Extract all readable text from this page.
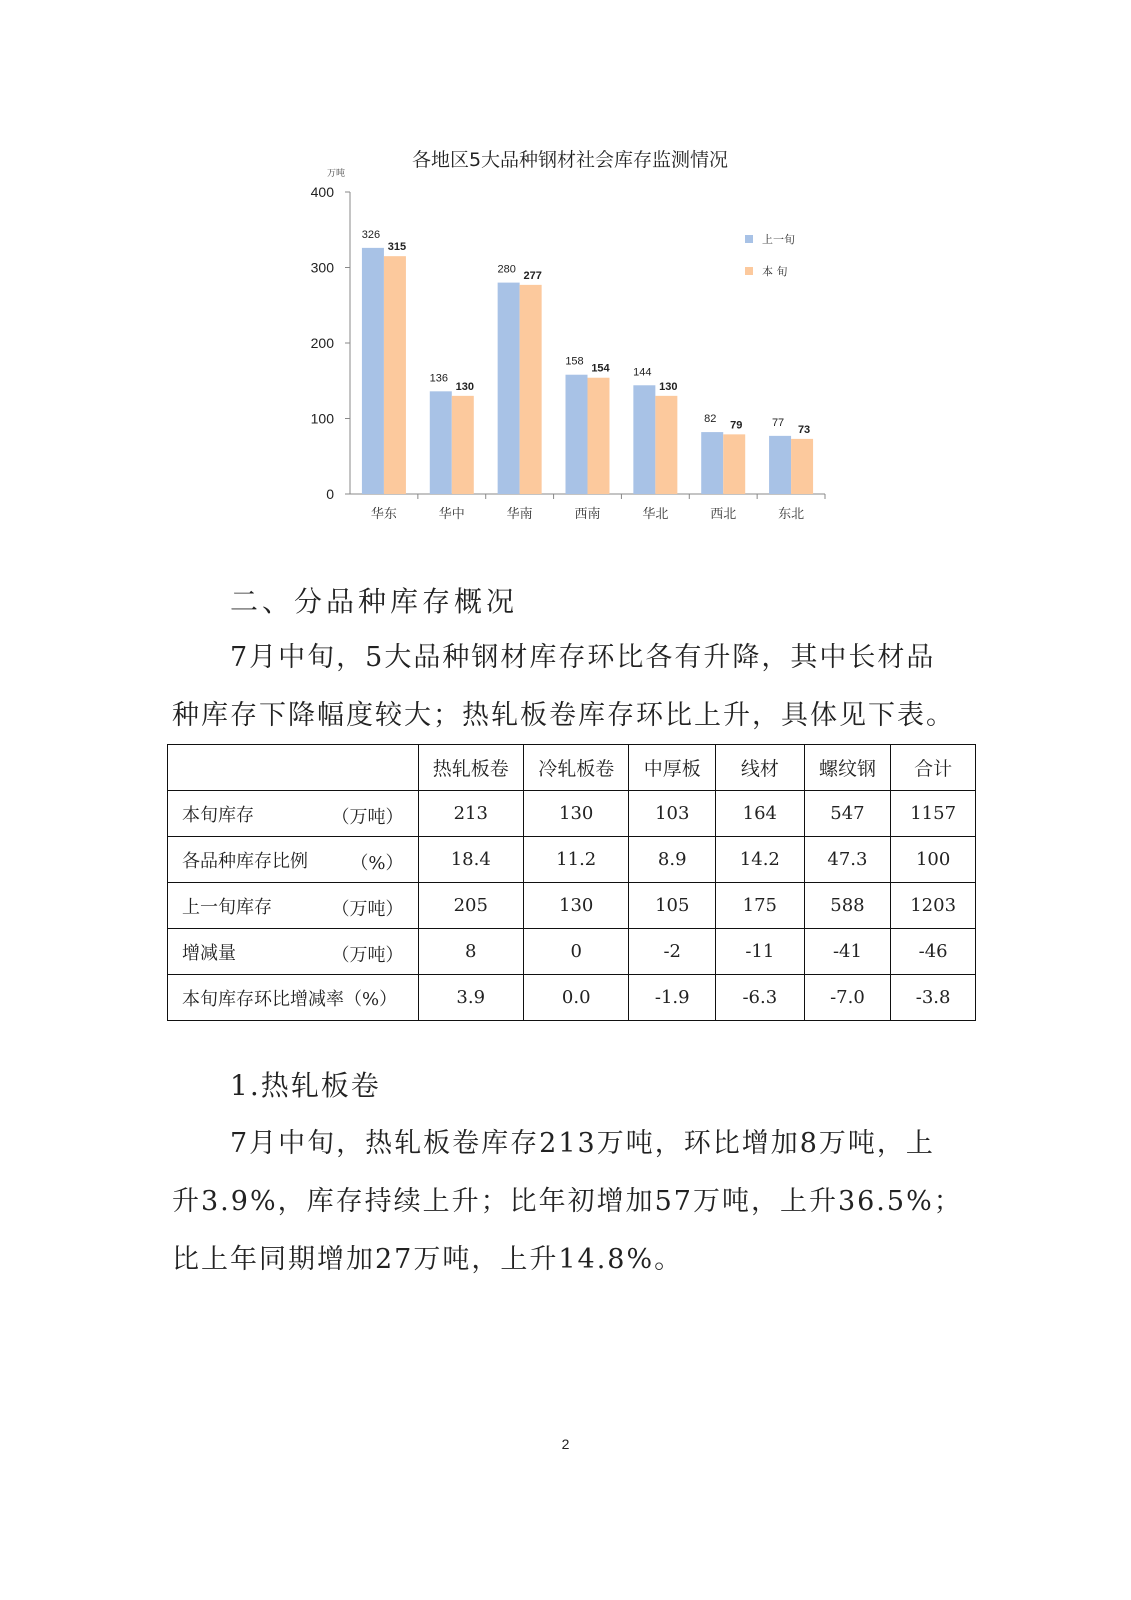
各地区5大品种钢材社会库存监测情况
万吨
0
100
200
300
400
326
315
华东
136
130
华中
280
277
华南
158
154
西南
144
130
华北
82
79
西北
77
73
东北
上一旬
本 旬
二、分品种库存概况
7月中旬，5大品种钢材库存环比各有升降，其中长材品
种库存下降幅度较大；热轧板卷库存环比上升，具体见下表。
	热轧板卷	冷轧板卷	中厚板	线材	螺纹钢	合计
本旬库存 （万吨）	213	130	103	164	547	1157
各品种库存比例 （%）	18.4	11.2	8.9	14.2	47.3	100
上一旬库存 （万吨）	205	130	105	175	588	1203
增减量 （万吨）	8	0	-2	-11	-41	-46
本旬库存环比增减率（%）	3.9	0.0	-1.9	-6.3	-7.0	-3.8
1.热轧板卷
7月中旬，热轧板卷库存213万吨，环比增加8万吨，上
升3.9%，库存持续上升；比年初增加57万吨，上升36.5%；
比上年同期增加27万吨，上升14.8%。
2
